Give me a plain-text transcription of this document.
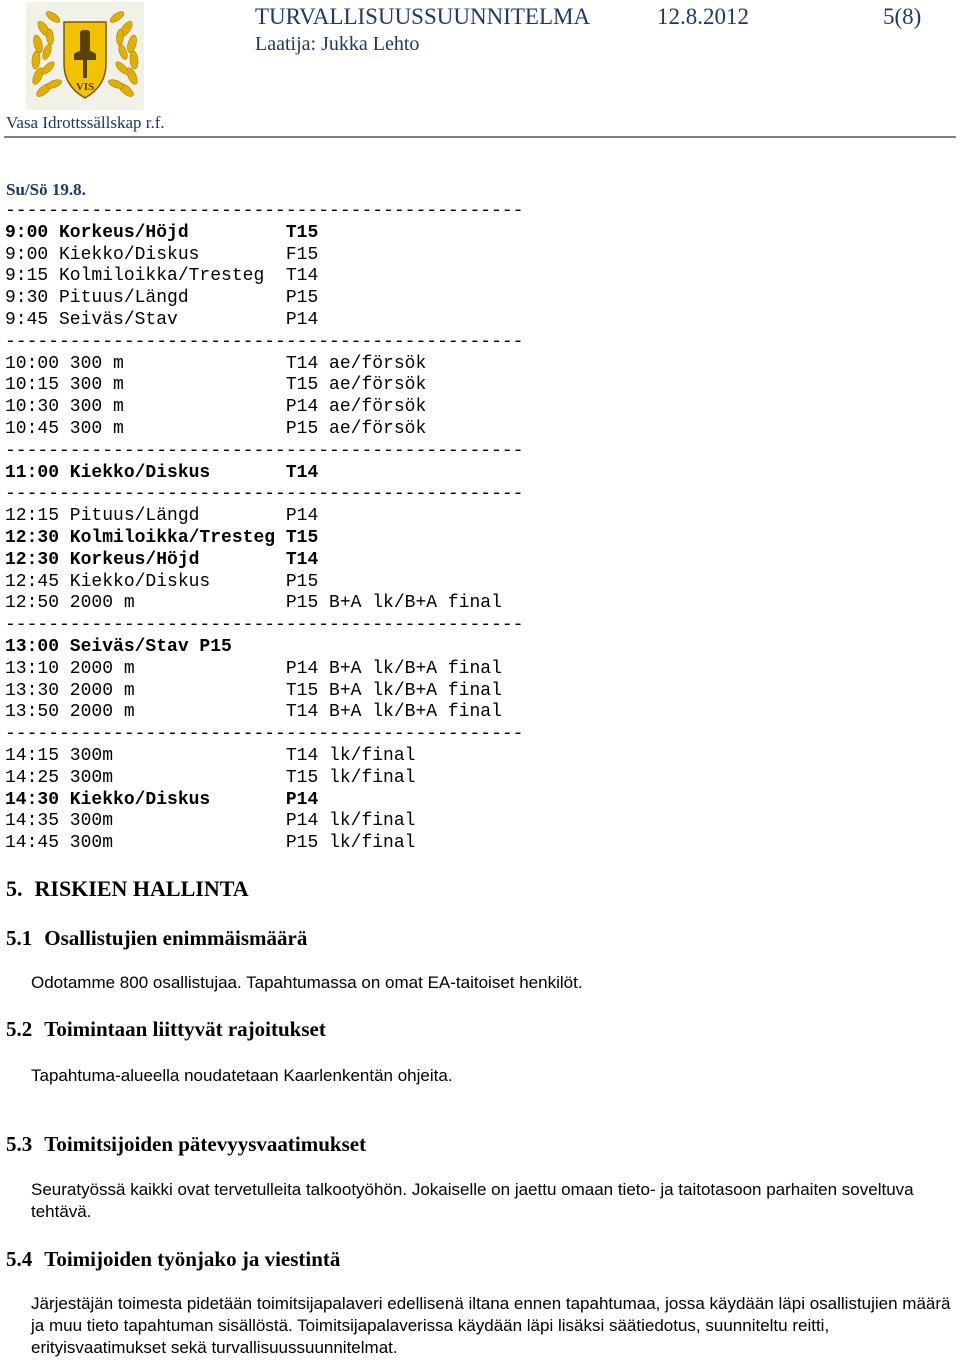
VIS
TURVALLISUUSSUUNNITELMA	12.8.2012	5(8)
Laatija: Jukka Lehto
Vasa Idrottssällskap r.f.
Su/Sö 19.8.
------------------------------------------------
9:00 Korkeus/Höjd         T15
9:00 Kiekko/Diskus        F15
9:15 Kolmiloikka/Tresteg  T14
9:30 Pituus/Längd         P15
9:45 Seiväs/Stav          P14
------------------------------------------------
10:00 300 m               T14 ae/försök
10:15 300 m               T15 ae/försök
10:30 300 m               P14 ae/försök
10:45 300 m               P15 ae/försök
------------------------------------------------
11:00 Kiekko/Diskus       T14
------------------------------------------------
12:15 Pituus/Längd        P14
12:30 Kolmiloikka/Tresteg T15
12:30 Korkeus/Höjd        T14
12:45 Kiekko/Diskus       P15
12:50 2000 m              P15 B+A lk/B+A final
------------------------------------------------
13:00 Seiväs/Stav P15
13:10 2000 m              P14 B+A lk/B+A final
13:30 2000 m              T15 B+A lk/B+A final
13:50 2000 m              T14 B+A lk/B+A final
------------------------------------------------
14:15 300m                T14 lk/final
14:25 300m                T15 lk/final
14:30 Kiekko/Diskus       P14
14:35 300m                P14 lk/final
14:45 300m                P15 lk/final
5. RISKIEN HALLINTA
5.1 Osallistujien enimmäismäärä

Odotamme 800 osallistujaa. Tapahtumassa on omat EA-taitoiset henkilöt.

5.2 Toimintaan liittyvät rajoitukset

Tapahtuma-alueella noudatetaan Kaarlenkentän ohjeita.

5.3 Toimitsijoiden pätevyysvaatimukset

Seuratyössä kaikki ovat tervetulleita talkootyöhön. Jokaiselle on jaettu omaan tieto- ja taitotasoon parhaiten soveltuva tehtävä.

5.4 Toimijoiden työnjako ja viestintä

Järjestäjän toimesta pidetään toimitsijapalaveri edellisenä iltana ennen tapahtumaa, jossa käydään läpi osallistujien määrä ja muu tieto tapahtuman sisällöstä. Toimitsijapalaverissa käydään läpi lisäksi säätiedotus, suunniteltu reitti, erityisvaatimukset sekä turvallisuussuunnitelmat.
